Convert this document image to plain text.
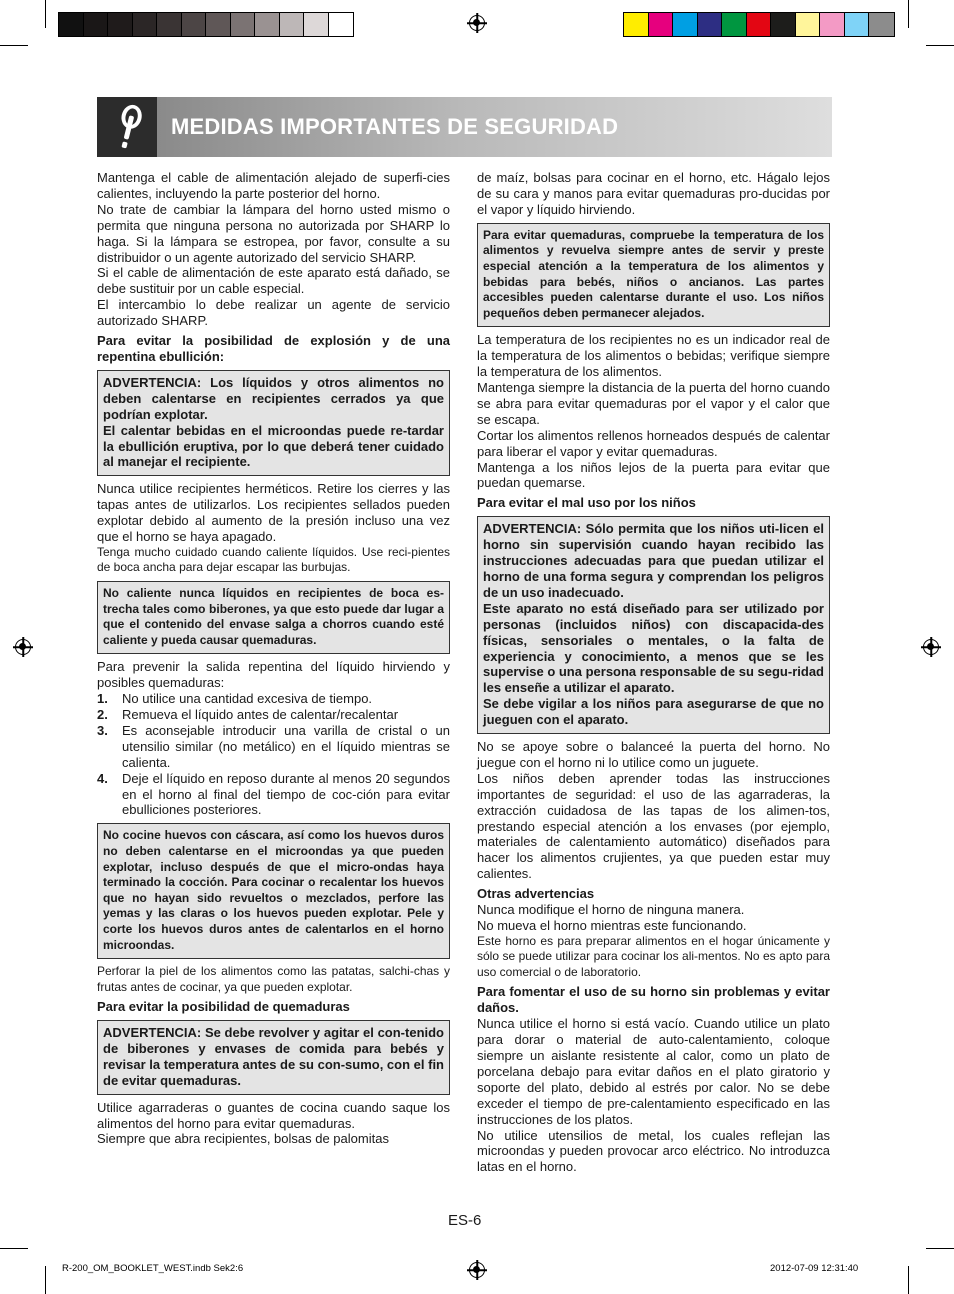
MEDIDAS IMPORTANTES DE SEGURIDAD

Mantenga el cable de alimentación alejado de superfi-cies calientes, incluyendo la parte posterior del horno.

No trate de cambiar la lámpara del horno usted mismo o permita que ninguna persona no autorizada por SHARP lo haga. Si la lámpara se estropea, por favor, consulte a su distribuidor o un agente autorizado del servicio SHARP.

Si el cable de alimentación de este aparato está dañado, se debe sustituir por un cable especial.

El intercambio lo debe realizar un agente de servicio autorizado SHARP.

Para evitar la posibilidad de explosión y de una repentina ebullición:

ADVERTENCIA: Los líquidos y otros alimentos no deben calentarse en recipientes cerrados ya que podrían explotar.

El calentar bebidas en el microondas puede re-tardar la ebullición eruptiva, por lo que deberá tener cuidado al manejar el recipiente.

Nunca utilice recipientes herméticos. Retire los cierres y las tapas antes de utilizarlos. Los recipientes sellados pueden explotar debido al aumento de la presión incluso una vez que el horno se haya apagado.

Tenga mucho cuidado cuando caliente líquidos. Use reci-pientes de boca ancha para dejar escapar las burbujas.

No caliente nunca líquidos en recipientes de boca es-trecha tales como biberones, ya que esto puede dar lugar a que el contenido del envase salga a chorros cuando esté caliente y pueda causar quemaduras.

Para prevenir la salida repentina del líquido hirviendo y posibles quemaduras:

1.	No utilice una cantidad excesiva de tiempo.
2.	Remueva el líquido antes de calentar/recalentar
3.	Es aconsejable introducir una varilla de cristal o un utensilio similar (no metálico) en el líquido mientras se calienta.
4.	Deje el líquido en reposo durante al menos 20 segundos en el horno al final del tiempo de coc-ción para evitar ebulliciones posteriores.

No cocine huevos con cáscara, así como los huevos duros no deben calentarse en el microondas ya que pueden explotar, incluso después de que el micro-ondas haya terminado la cocción. Para cocinar o recalentar los huevos que no hayan sido revueltos o mezclados, perfore las yemas y las claras o los huevos pueden explotar. Pele y corte los huevos duros antes de calentarlos en el horno microondas.

Perforar la piel de los alimentos como las patatas, salchi-chas y frutas antes de cocinar, ya que pueden explotar.

Para evitar la posibilidad de quemaduras

ADVERTENCIA: Se debe revolver y agitar el con-tenido de biberones y envases de comida para bebés y revisar la temperatura antes de su con-sumo, con el fin de evitar quemaduras.

Utilice agarraderas o guantes de cocina cuando saque los alimentos del horno para evitar quemaduras.

Siempre que abra recipientes, bolsas de palomitas

de maíz, bolsas para cocinar en el horno, etc. Hágalo lejos de su cara y manos para evitar quemaduras pro-ducidas por el vapor y líquido hirviendo.

Para evitar quemaduras, compruebe la temperatura de los alimentos y revuelva siempre antes de servir y preste especial atención a la temperatura de los alimentos y bebidas para bebés, niños o ancianos. Las partes accesibles pueden calentarse durante el uso. Los niños pequeños deben permanecer alejados.

La temperatura de los recipientes no es un indicador real de la temperatura de los alimentos o bebidas; verifique siempre la temperatura de los alimentos.

Mantenga siempre la distancia de la puerta del horno cuando se abra para evitar quemaduras por el vapor y el calor que se escapa.

Cortar los alimentos rellenos horneados después de calentar para liberar el vapor y evitar quemaduras.

Mantenga a los niños lejos de la puerta para evitar que puedan quemarse.

Para evitar el mal uso por los niños

ADVERTENCIA: Sólo permita que los niños uti-licen el horno sin supervisión cuando hayan recibido las instrucciones adecuadas para que puedan utilizar el horno de una forma segura y comprendan los peligros de un uso inadecuado.

Este aparato no está diseñado para ser utilizado por personas (incluidos niños) con discapacida-des físicas, sensoriales o mentales, o la falta de experiencia y conocimiento, a menos que se les supervise o una persona responsable de su segu-ridad les enseñe a utilizar el aparato.

Se debe vigilar a los niños para asegurarse de que no jueguen con el aparato.

No se apoye sobre o balanceé la puerta del horno. No juegue con el horno ni lo utilice como un juguete.

Los niños deben aprender todas las instrucciones importantes de seguridad: el uso de las agarraderas, la extracción cuidadosa de las tapas de los alimen-tos, prestando especial atención a los envases (por ejemplo, materiales de calentamiento automático) diseñados para hacer los alimentos crujientes, ya que pueden estar muy calientes.

Otras advertencias

Nunca modifique el horno de ninguna manera.

No mueva el horno mientras este funcionando.

Este horno es para preparar alimentos en el hogar únicamente y sólo se puede utilizar para cocinar los ali-mentos. No es apto para uso comercial o de laboratorio.

Para fomentar el uso de su horno sin problemas y evitar daños.

Nunca utilice el horno si está vacío. Cuando utilice un plato para dorar o material de auto-calentamiento, coloque siempre un aislante resistente al calor, como un plato de porcelana debajo para evitar daños en el plato giratorio y soporte del plato, debido al estrés por calor. No se debe exceder el tiempo de pre-calentamiento especificado en las instrucciones de los platos.

No utilice utensilios de metal, los cuales reflejan las microondas y pueden provocar arco eléctrico. No introduzca latas en el horno.

ES-6
R-200_OM_BOOKLET_WEST.indb Sek2:6	2012-07-09 12:31:40
